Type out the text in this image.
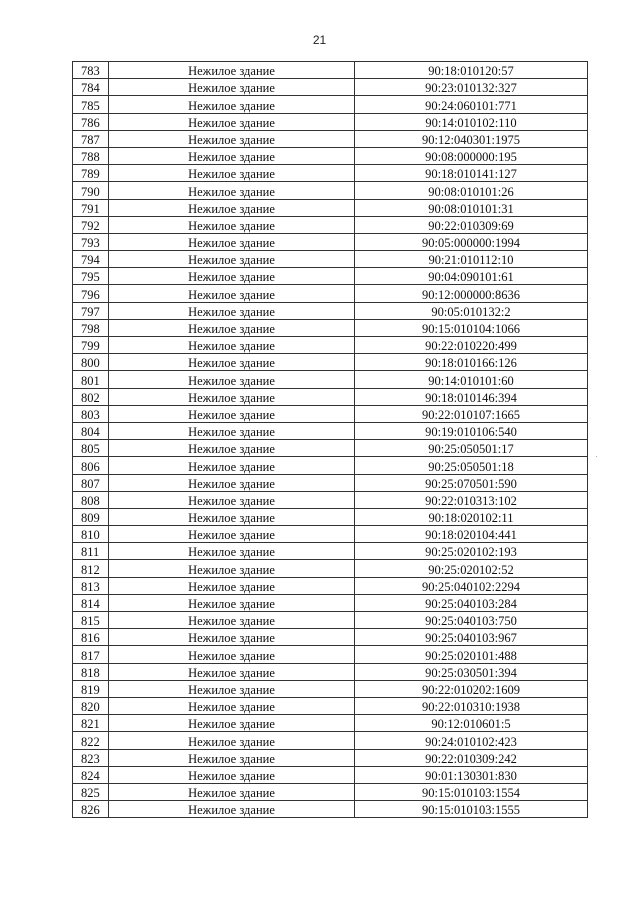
21
783	Нежилое здание	90:18:010120:57
784	Нежилое здание	90:23:010132:327
785	Нежилое здание	90:24:060101:771
786	Нежилое здание	90:14:010102:110
787	Нежилое здание	90:12:040301:1975
788	Нежилое здание	90:08:000000:195
789	Нежилое здание	90:18:010141:127
790	Нежилое здание	90:08:010101:26
791	Нежилое здание	90:08:010101:31
792	Нежилое здание	90:22:010309:69
793	Нежилое здание	90:05:000000:1994
794	Нежилое здание	90:21:010112:10
795	Нежилое здание	90:04:090101:61
796	Нежилое здание	90:12:000000:8636
797	Нежилое здание	90:05:010132:2
798	Нежилое здание	90:15:010104:1066
799	Нежилое здание	90:22:010220:499
800	Нежилое здание	90:18:010166:126
801	Нежилое здание	90:14:010101:60
802	Нежилое здание	90:18:010146:394
803	Нежилое здание	90:22:010107:1665
804	Нежилое здание	90:19:010106:540
805	Нежилое здание	90:25:050501:17
806	Нежилое здание	90:25:050501:18
807	Нежилое здание	90:25:070501:590
808	Нежилое здание	90:22:010313:102
809	Нежилое здание	90:18:020102:11
810	Нежилое здание	90:18:020104:441
811	Нежилое здание	90:25:020102:193
812	Нежилое здание	90:25:020102:52
813	Нежилое здание	90:25:040102:2294
814	Нежилое здание	90:25:040103:284
815	Нежилое здание	90:25:040103:750
816	Нежилое здание	90:25:040103:967
817	Нежилое здание	90:25:020101:488
818	Нежилое здание	90:25:030501:394
819	Нежилое здание	90:22:010202:1609
820	Нежилое здание	90:22:010310:1938
821	Нежилое здание	90:12:010601:5
822	Нежилое здание	90:24:010102:423
823	Нежилое здание	90:22:010309:242
824	Нежилое здание	90:01:130301:830
825	Нежилое здание	90:15:010103:1554
826	Нежилое здание	90:15:010103:1555
